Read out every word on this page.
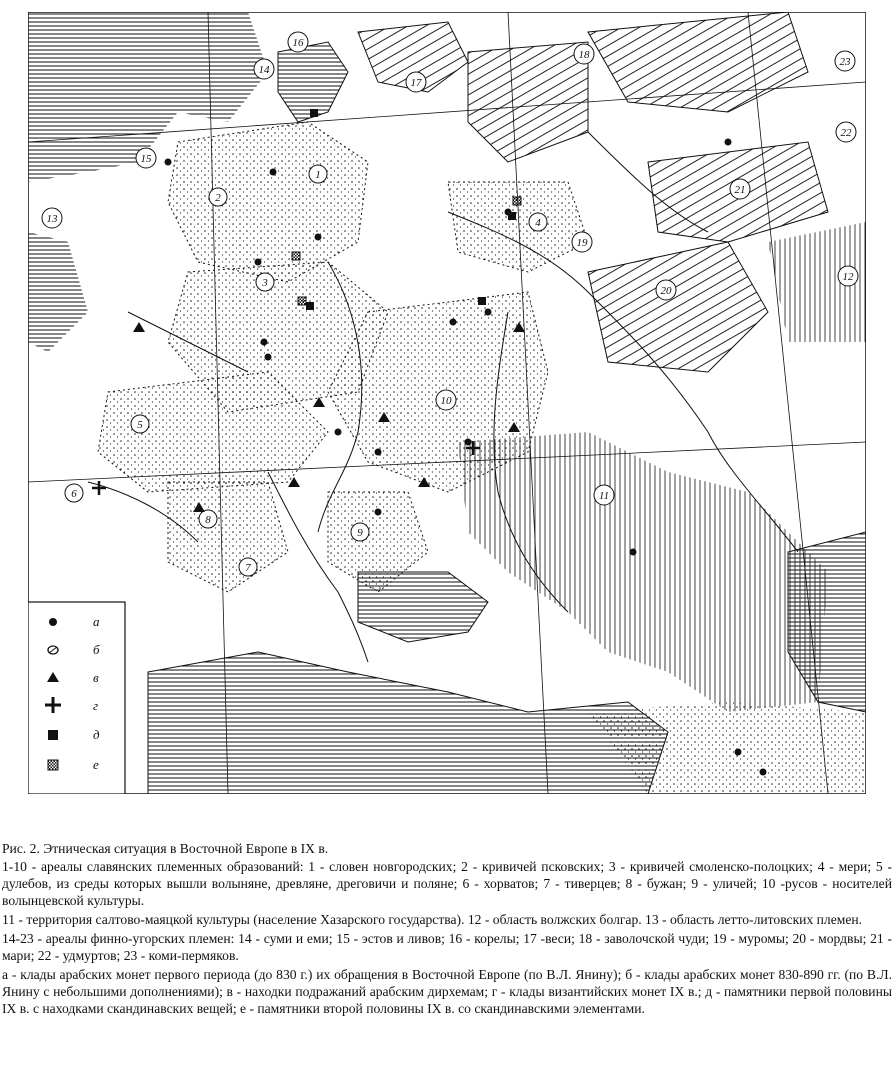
1
2
3
4
5
6
7
8
9
10
11
12
13
14
15
16
17
18
19
20
21
22
23
а
б
в
г
д
е

Рис. 2. Этническая ситуация в Восточной Европе в IX в.

1-10 - ареалы славянских племенных образований: 1 - словен новгородских; 2 - кривичей псковских; 3 - кривичей смоленско-полоцких; 4 - мери; 5 - дулебов, из среды которых вышли волыняне, древляне, дреговичи и поляне; 6 - хорватов; 7 - тиверцев; 8 - бужан; 9 - уличей; 10 -русов - носителей волынцевской культуры.

11 - территория салтово-маяцкой культуры (население Хазарского государства). 12 - область волжских болгар. 13 - область летто-литовских племен.

14-23 - ареалы финно-угорских племен: 14 - суми и еми; 15 - эстов и ливов; 16 - корелы; 17 -веси; 18 - заволочской чуди; 19 - муромы; 20 - мордвы; 21 - мари; 22 - удмуртов; 23 - коми-пермяков.

а - клады арабских монет первого периода (до 830 г.) их обращения в Восточной Европе (по В.Л. Янину); б - клады арабских монет 830-890 гг. (по В.Л. Янину с небольшими дополнениями); в - находки подражаний арабским дирхемам; г - клады византийских монет IX в.; д - памятники первой половины IX в. с находками скандинавских вещей; е - памятники второй половины IX в. со скандинавскими элементами.
